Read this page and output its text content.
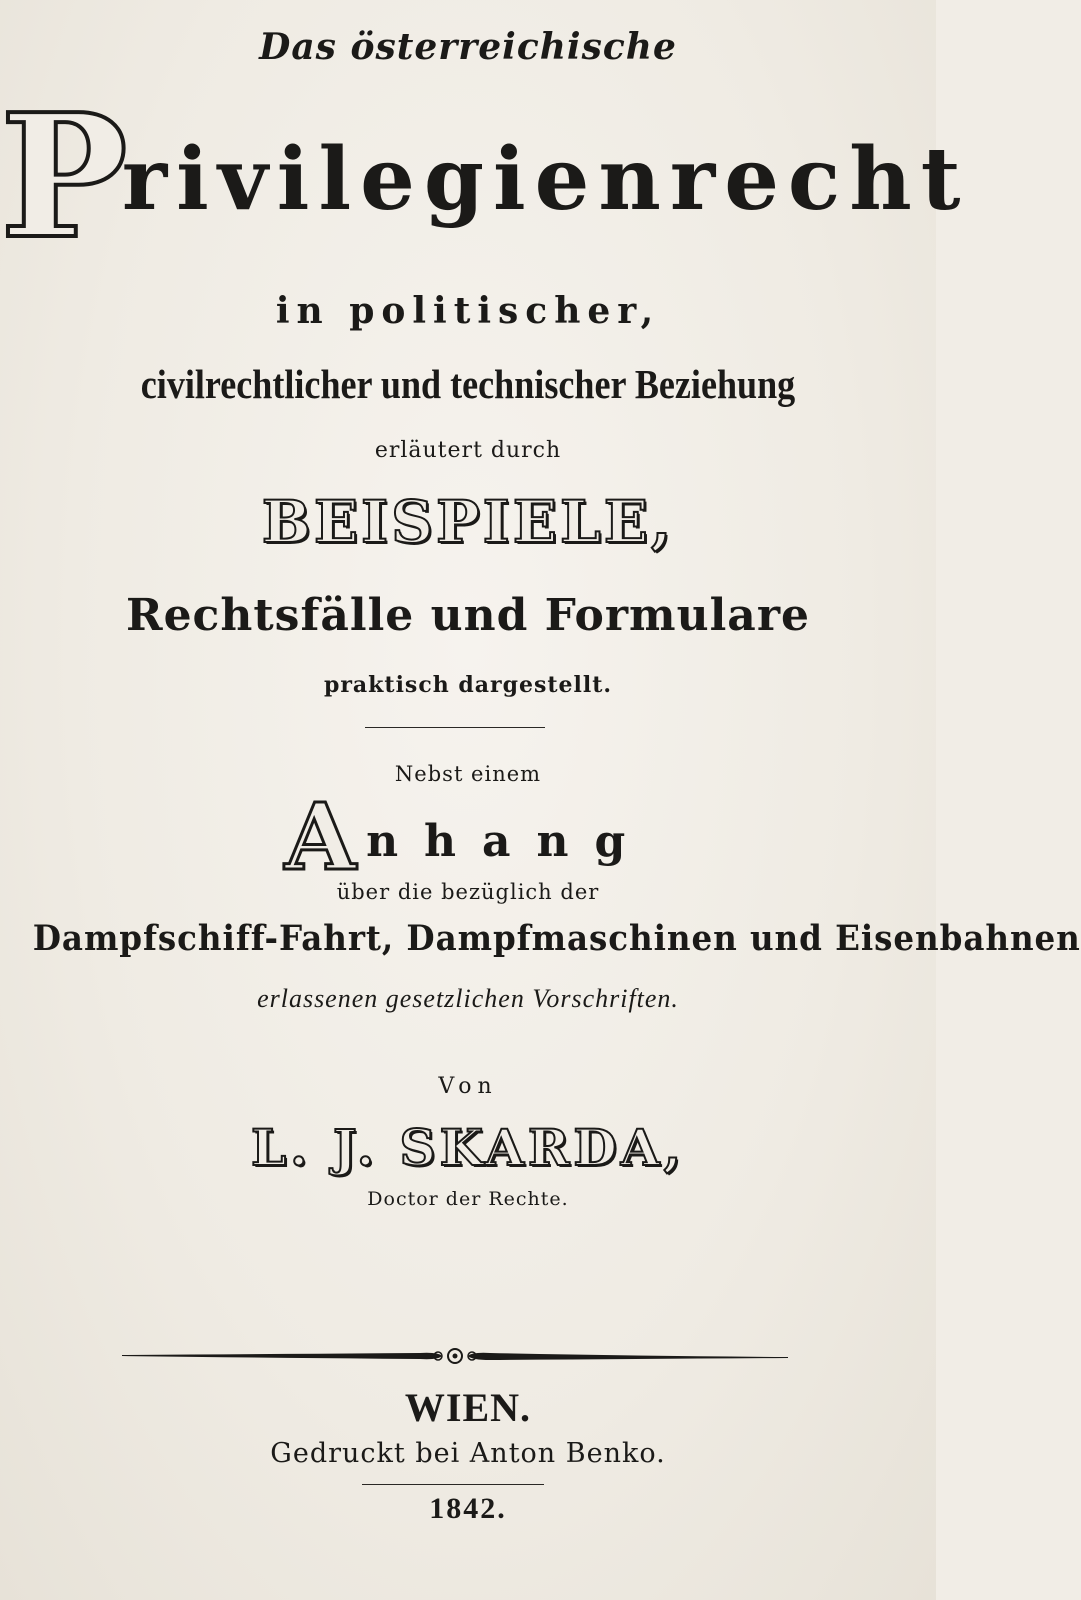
Das österreichische
Privilegienrecht
in politischer,
civilrechtlicher und technischer Beziehung
erläutert durch
BEISPIELE,
Rechtsfälle und Formulare
praktisch dargestellt.
Nebst einem
A nhang
über die bezüglich der
Dampfschiff-Fahrt, Dampfmaschinen und Eisenbahnen
erlassenen gesetzlichen Vorschriften.
Von
L. J. SKARDA,
Doctor der Rechte.
WIEN.
Gedruckt bei Anton Benko.
1842.
